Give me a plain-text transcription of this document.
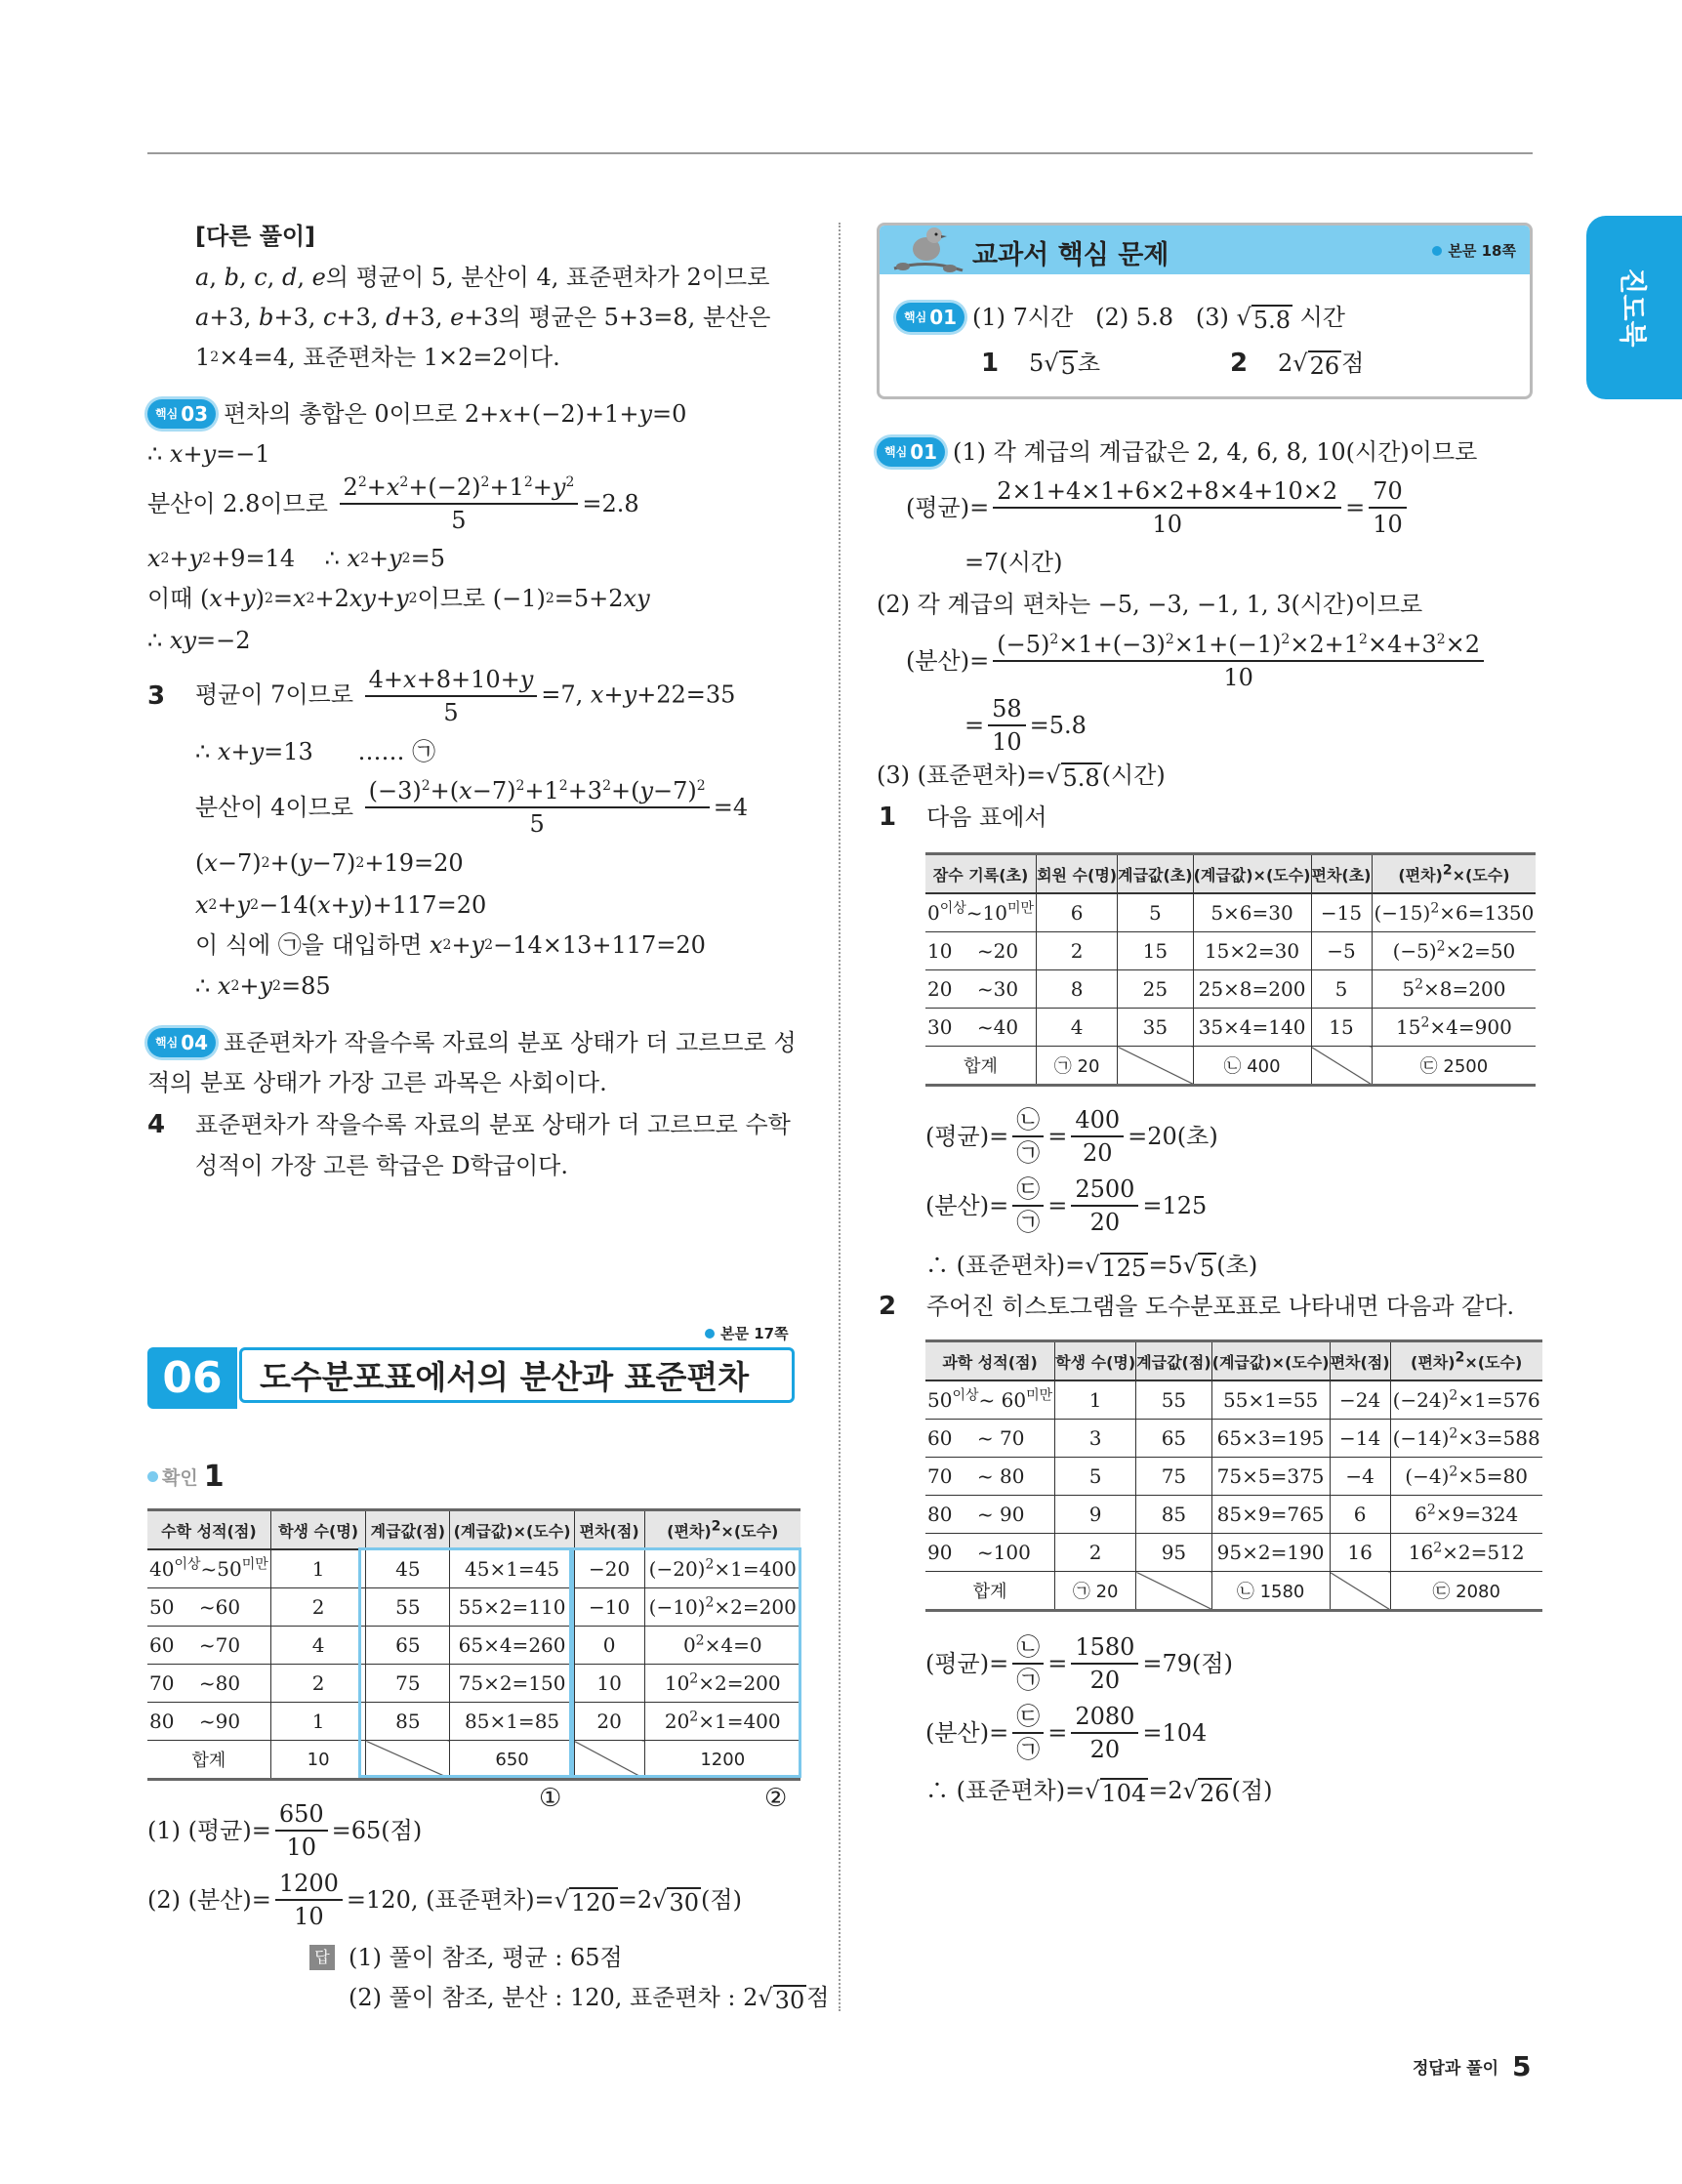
진도북
[다른 풀이]
a , b , c , d , e 의 평균이 5, 분산이 4, 표준편차가 2이므로
a +3, b +3, c +3, d +3, e +3의 평균은 5+3=8, 분산은
1 2 ×4=4, 표준편차는 1×2=2이다.
핵심 03 편차의 총합은 0이므로 2+x+(−2)+1+y=0
∴ x + y =−1
분산이 2.8이므로 $\frac{2^2+x^2+(-2)^2+1^2+y^2}{5} =2.8$
x 2 + y 2 +9=14    ∴ x 2 + y 2 =5
이때 ( x + y ) 2 = x 2 +2 xy + y 2 이므로 (−1) 2 =5+2 xy
∴ xy =−2
3	평균이 7이므로 $\frac{4+x+8+10+y}{5} =7$, x+y+22=35
∴ x + y =13      …… ㉠
분산이 4이므로 $\frac{(-3)^2+(x-7)^2+1^2+3^2+(y-7)^2}{5} =4$
( x −7) 2 +( y −7) 2 +19=20
x 2 + y 2 −14( x + y )+117=20
이 식에 ㉠을 대입하면 x 2 + y 2 −14×13+117=20
∴ x 2 + y 2 =85
핵심 04 표준편차가 작을수록 자료의 분포 상태가 더 고르므로 성
적의 분포 상태가 가장 고른 과목은 사회이다.
4	표준편차가 작을수록 자료의 분포 상태가 더 고르므로 수학
성적이 가장 고른 학급은 D학급이다.
본문 17쪽
06	도수분포표에서의 분산과 표준편차
확인 1
수학 성적(점)	학생 수(명)	계급값(점)	(계급값)×(도수)	편차(점)	(편차)$^2$×(도수)
$40^{이상}\sim 50^{미만}$	1	45	45×1=45	−20	$(-20)^2\times 1=400$
50    ~60	2	55	55×2=110	−10	$(-10)^2\times 2=200$
60    ~70	4	65	65×4=260	0	$0^2\times 4=0$
70    ~80	2	75	75×2=150	10	$10^2\times 2=200$
80    ~90	1	85	85×1=85	20	$20^2\times 1=400$
합계	10		650		1200
①	②
(1) (평균)= $\frac{650}{10} =65$(점)
(2) (분산)= $\frac{1200}{10} =120$, (표준편차)= √ 120 =2 √ 30 (점)
답 (1) 풀이 참조, 평균 : 65점
(2) 풀이 참조, 분산 : 120, 표준편차 : 2 √ 30 점
교과서 핵심 문제	본문 18쪽
핵심 01 (1) 7시간   (2) 5.8   (3) √ 5.8 시간
1	5 √ 5 초	2	2 √ 26 점
핵심 01 (1) 각 계급의 계급값은 2, 4, 6, 8, 10(시간)이므로
(평균)= $\frac{2\times 1+4\times 1+6\times 2+8\times 4+10\times 2}{10} = \frac{70}{10}$
=7(시간)
(2) 각 계급의 편차는 −5, −3, −1, 1, 3(시간)이므로
(분산)= $\frac{(-5)^2\times 1+(-3)^2\times 1+(-1)^2\times 2+1^2\times 4+3^2\times 2}{10}$
= $\frac{58}{10} =5.8$
(3) (표준편차)= √ 5.8 (시간)
1	다음 표에서
잠수 기록(초)	회원 수(명)	계급값(초)	(계급값)×(도수)	편차(초)	(편차)$^2$×(도수)
$0^{이상}\sim 10^{미만}$	6	5	5×6=30	−15	$(-15)^2\times 6=1350$
10    ~20	2	15	15×2=30	−5	$(-5)^2\times 2=50$
20    ~30	8	25	25×8=200	5	$5^2\times 8=200$
30    ~40	4	35	35×4=140	15	$15^2\times 4=900$
합계	㉠ 20		㉡ 400		㉢ 2500
(평균)= $\frac{㉡}{㉠} = \frac{400}{20} =20$(초)
(분산)= $\frac{㉢}{㉠} = \frac{2500}{20} =125$
∴ (표준편차)= √ 125 =5 √ 5 (초)
2	주어진 히스토그램을 도수분포표로 나타내면 다음과 같다.
과학 성적(점)	학생 수(명)	계급값(점)	(계급값)×(도수)	편차(점)	(편차)$^2$×(도수)
$50^{이상}\sim$ $60^{미만}$	1	55	55×1=55	−24	$(-24)^2\times 1=576$
60    ~ 70	3	65	65×3=195	−14	$(-14)^2\times 3=588$
70    ~ 80	5	75	75×5=375	−4	$(-4)^2\times 5=80$
80    ~ 90	9	85	85×9=765	6	$6^2\times 9=324$
90    ~100	2	95	95×2=190	16	$16^2\times 2=512$
합계	㉠ 20		㉡ 1580		㉢ 2080
(평균)= $\frac{㉡}{㉠} = \frac{1580}{20} =79$(점)
(분산)= $\frac{㉢}{㉠} = \frac{2080}{20} =104$
∴ (표준편차)= √ 104 =2 √ 26 (점)
정답과 풀이 5
